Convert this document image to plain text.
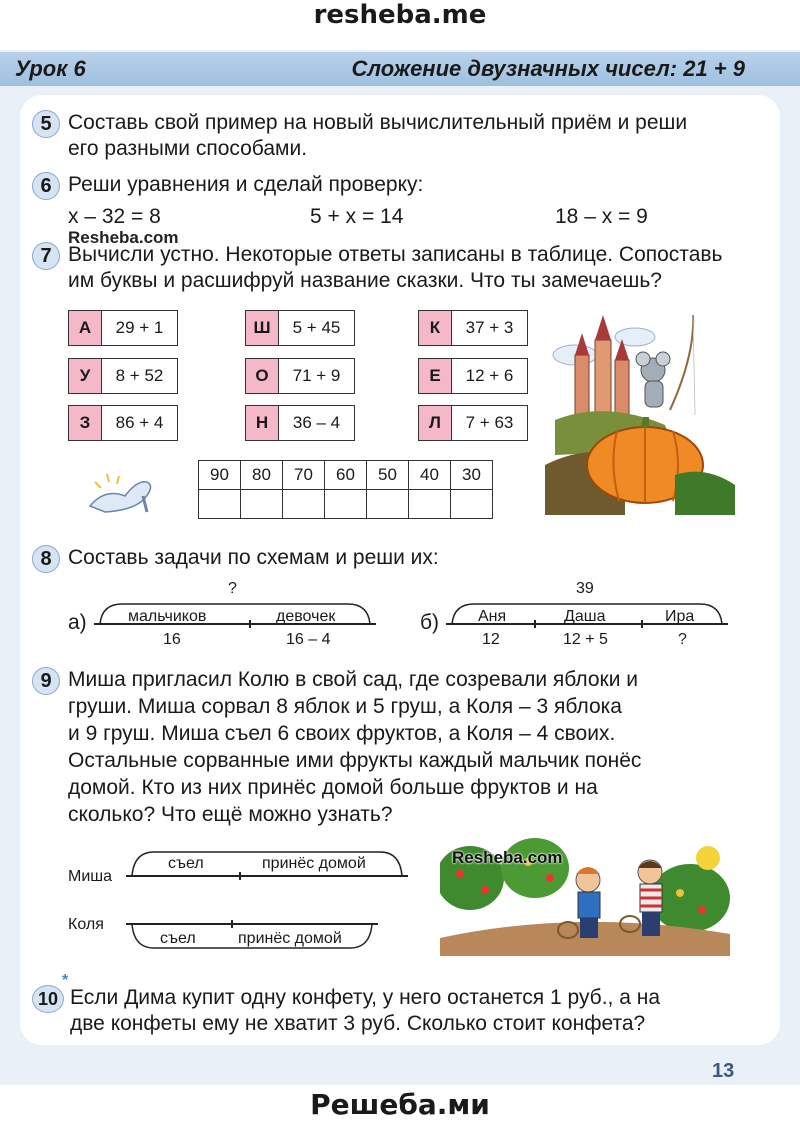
resheba.me
Урок 6	Сложение двузначных чисел: 21 + 9
5 Составь свой пример на новый вычислительный приём и реши
его разными способами.
6 Реши уравнения и сделай проверку:
x – 32 = 8	5 + x = 14	18 – x = 9
Resheba.com
7 Вычисли устно. Некоторые ответы записаны в таблице. Сопоставь
им буквы и расшифруй название сказки. Что ты замечаешь?
А	29 + 1	Ш	5 + 45	К	37 + 3
У	8 + 52	О	71 + 9	Е	12 + 6
З	86 + 4	Н	36 – 4	Л	7 + 63
90	80	70	60	50	40	30

8 Составь задачи по схемам и реши их:
?
а)	мальчиков	девочек
16	16 – 4
39
б) Аня	Даша	Ира
12	12 + 5	?
9 Миша пригласил Колю в свой сад, где созревали яблоки и
груши. Миша сорвал 8 яблок и 5 груш, а Коля – 3 яблока
и 9 груш. Миша съел 6 своих фруктов, а Коля – 4 своих.
Остальные сорванные ими фрукты каждый мальчик понёс
домой. Кто из них принёс домой больше фруктов и на
сколько? Что ещё можно узнать?
Миша
съел	принёс домой
Коля
съел	принёс домой
Resheba.com
*
10 Если Дима купит одну конфету, у него останется 1 руб., а на
две конфеты ему не хватит 3 руб. Сколько стоит конфета?
13
Решеба.ми
